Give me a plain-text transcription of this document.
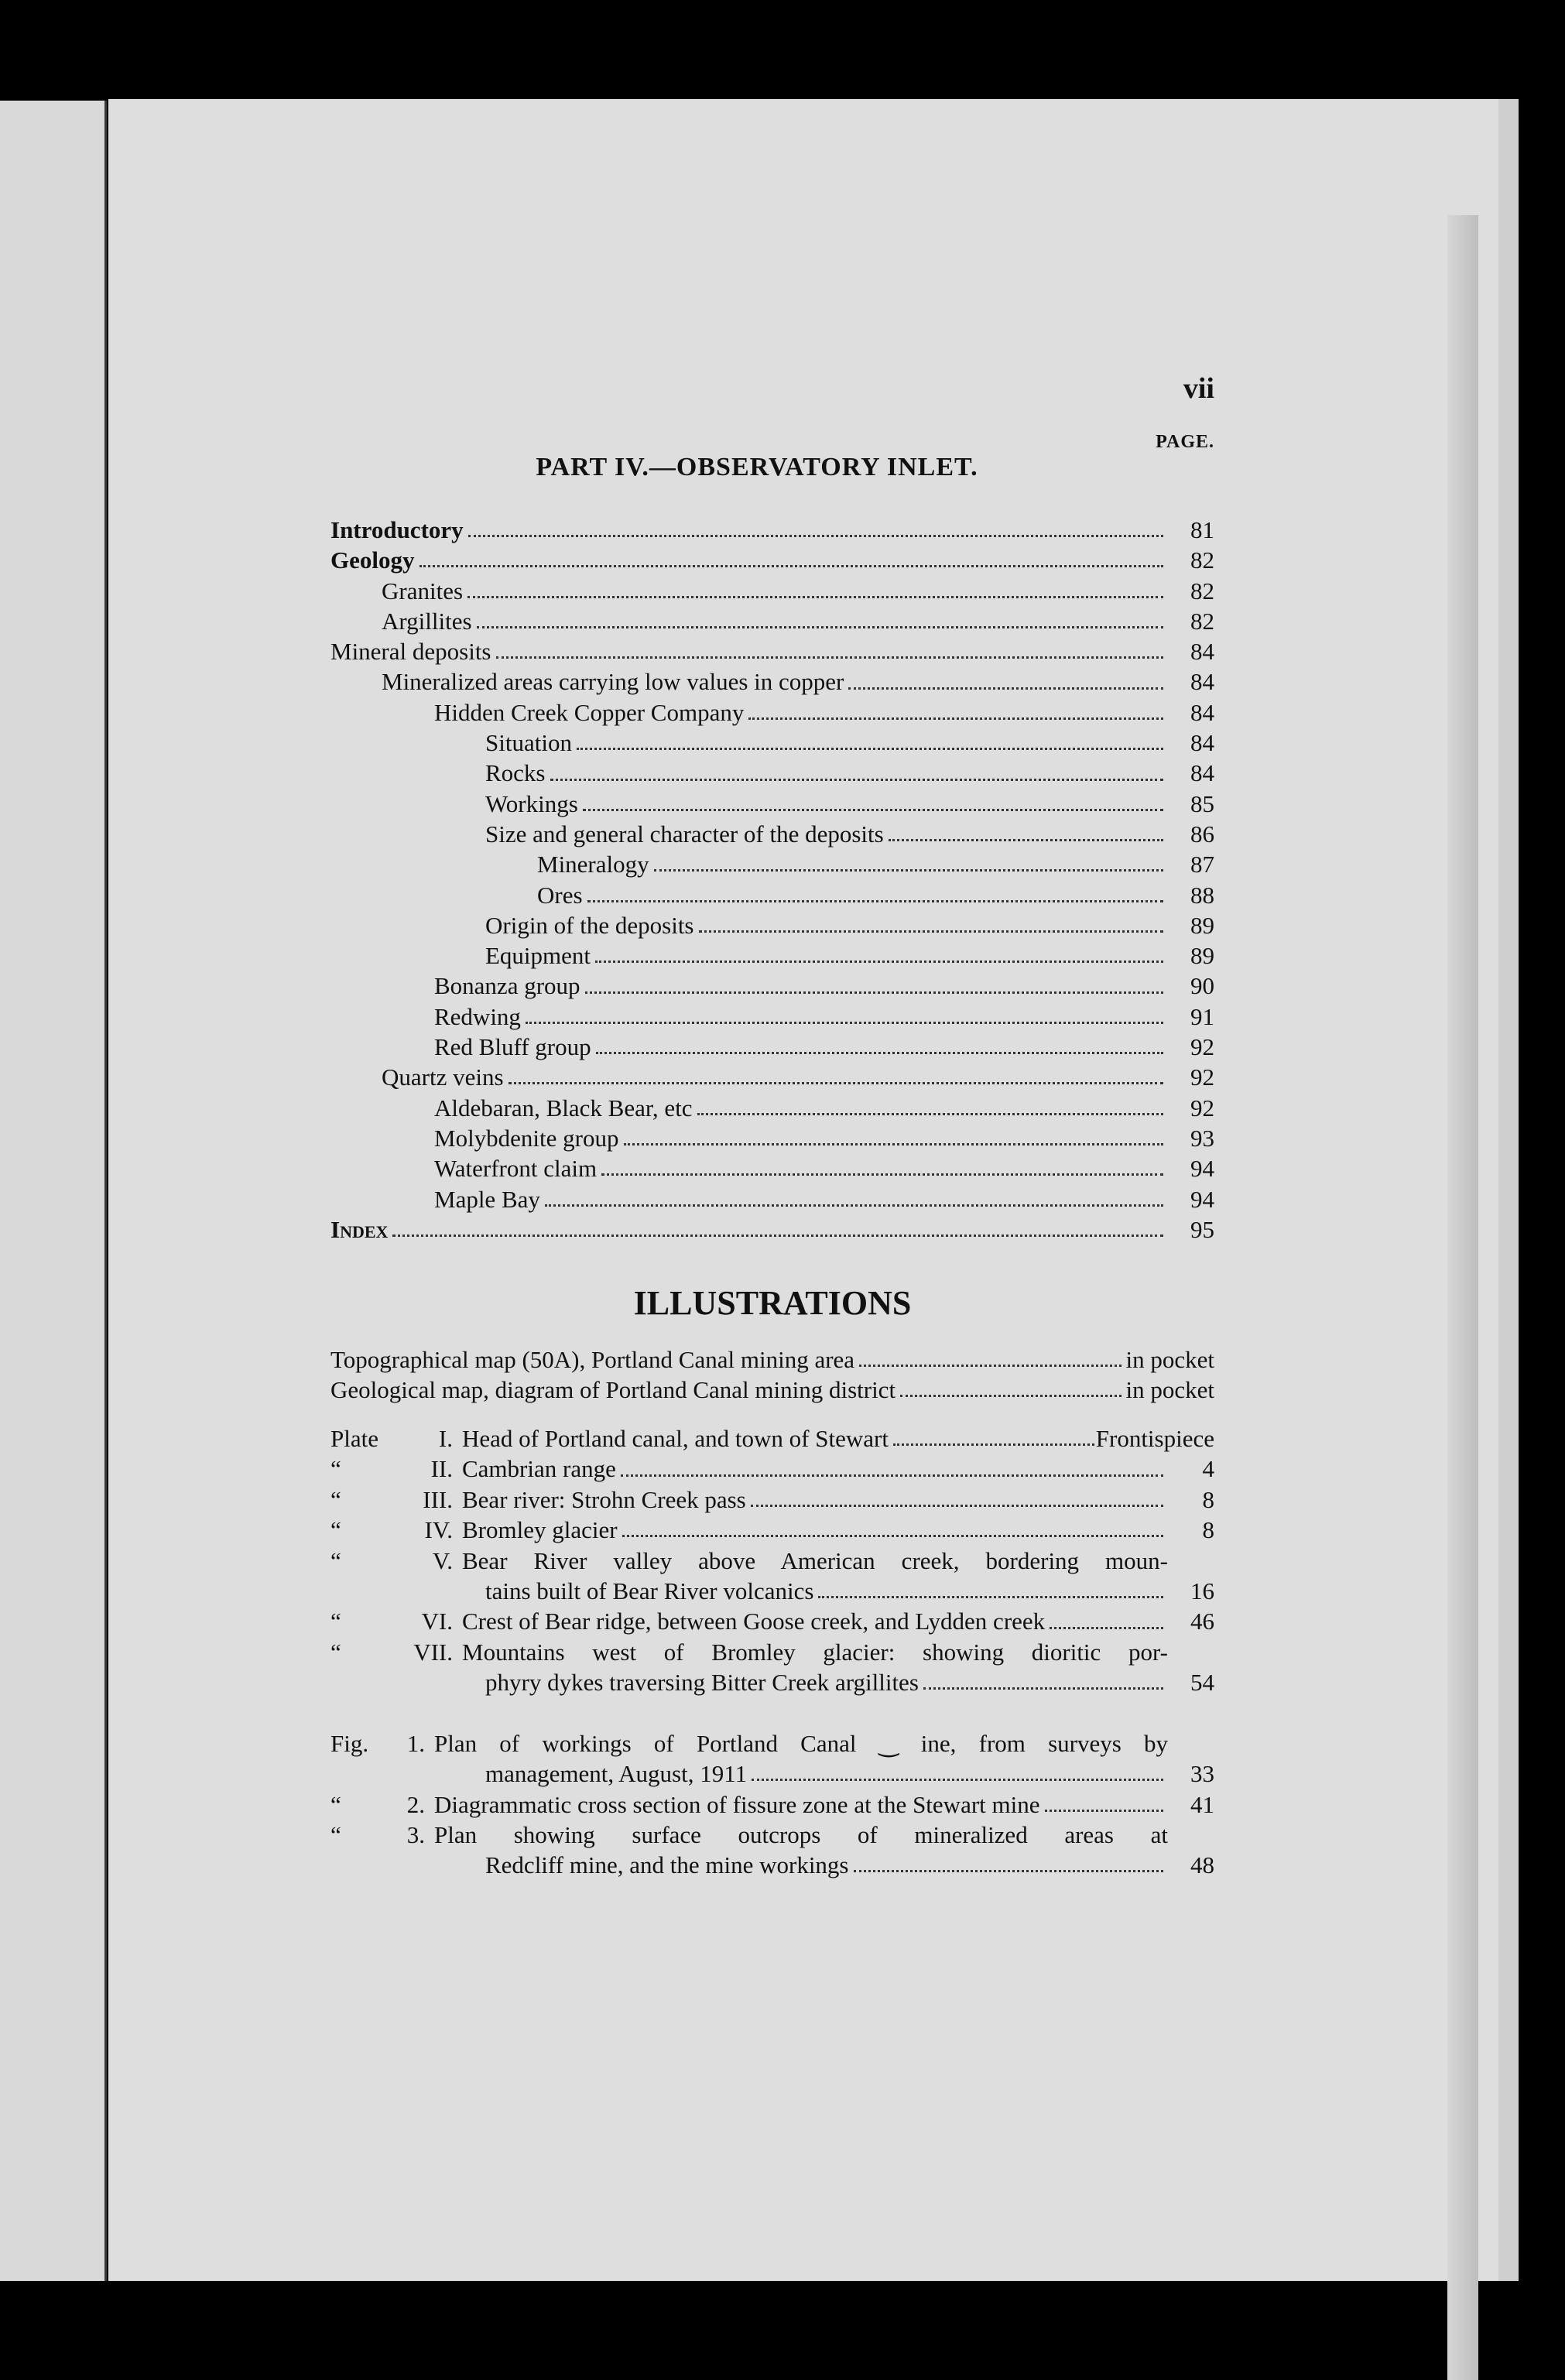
vii
PAGE.
PART IV.—OBSERVATORY INLET.
Introductory	81
Geology	82
Granites	82
Argillites	82
Mineral deposits	84
Mineralized areas carrying low values in copper	84
Hidden Creek Copper Company	84
Situation	84
Rocks	84
Workings	85
Size and general character of the deposits	86
Mineralogy	87
Ores	88
Origin of the deposits	89
Equipment	89
Bonanza group	90
Redwing	91
Red Bluff group	92
Quartz veins	92
Aldebaran, Black Bear, etc	92
Molybdenite group	93
Waterfront claim	94
Maple Bay	94
Index	95
ILLUSTRATIONS
Topographical map (50A), Portland Canal mining area	in pocket
Geological map, diagram of Portland Canal mining district	in pocket
Plate	I. Head of Portland canal, and town of Stewart	Frontispiece
“	II. Cambrian range	4
“	III. Bear river: Strohn Creek pass	8
“	IV. Bromley glacier	8
“	V. Bear River valley above American creek, bordering moun-
tains built of Bear River volcanics	16
“	VI. Crest of Bear ridge, between Goose creek, and Lydden creek	46
“	VII. Mountains west of Bromley glacier: showing dioritic por-
phyry dykes traversing Bitter Creek argillites	54
Fig.	1. Plan of workings of Portland Canal ‿ ine, from surveys by
management, August, 1911	33
“	2. Diagrammatic cross section of fissure zone at the Stewart mine	41
“	3. Plan showing surface outcrops of mineralized areas at
Redcliff mine, and the mine workings	48
